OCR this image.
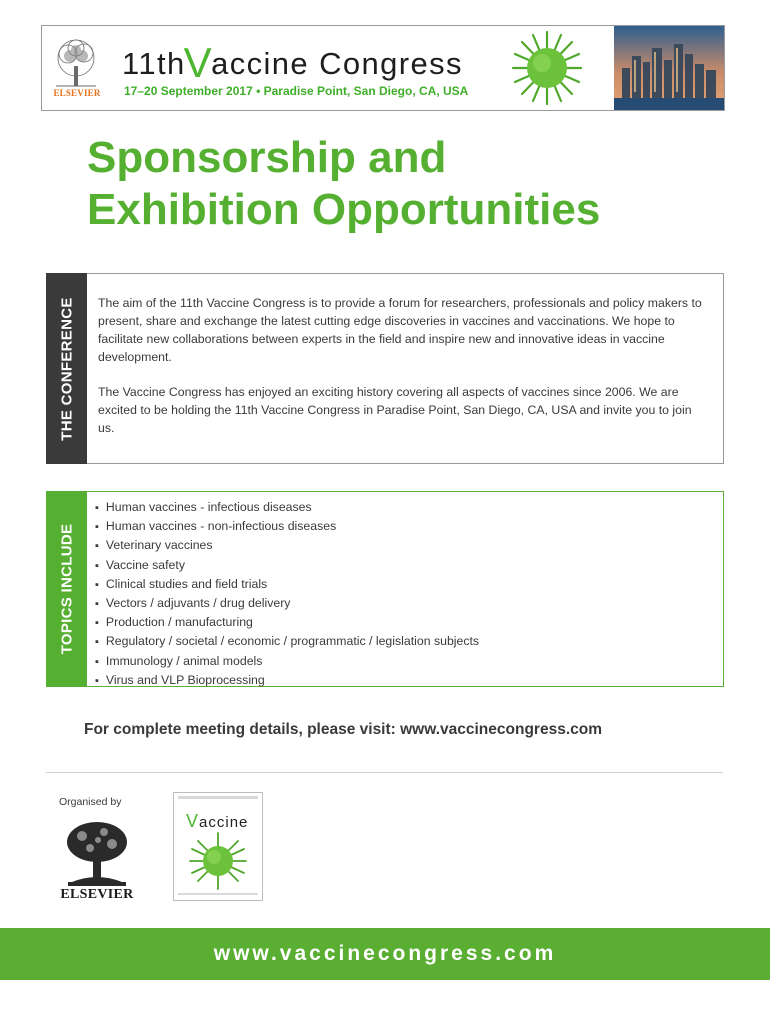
ELSEVIER
11thVaccine Congress
17–20 September 2017 • Paradise Point, San Diego, CA, USA
Sponsorship and
Exhibition Opportunities
THE CONFERENCE The aim of the 11th Vaccine Congress is to provide a forum for researchers, professionals and policy makers to present, share and exchange the latest cutting edge discoveries in vaccines and vaccinations. We hope to facilitate new collaborations between experts in the field and inspire new and innovative ideas in vaccine development.

The Vaccine Congress has enjoyed an exciting history covering all aspects of vaccines since 2006. We are excited to be holding the 11th Vaccine Congress in Paradise Point, San Diego, CA, USA and invite you to join us.

TOPICS INCLUDE
▪ Human vaccines - infectious diseases
▪ Human vaccines - non-infectious diseases
▪ Veterinary vaccines
▪ Vaccine safety
▪ Clinical studies and field trials
▪ Vectors / adjuvants / drug delivery
▪ Production / manufacturing
▪ Regulatory / societal / economic / programmatic / legislation subjects
▪ Immunology / animal models
▪ Virus and VLP Bioprocessing
For complete meeting details, please visit: www.vaccinecongress.com
Organised by
ELSEVIER
Vaccine
www.vaccinecongress.com
